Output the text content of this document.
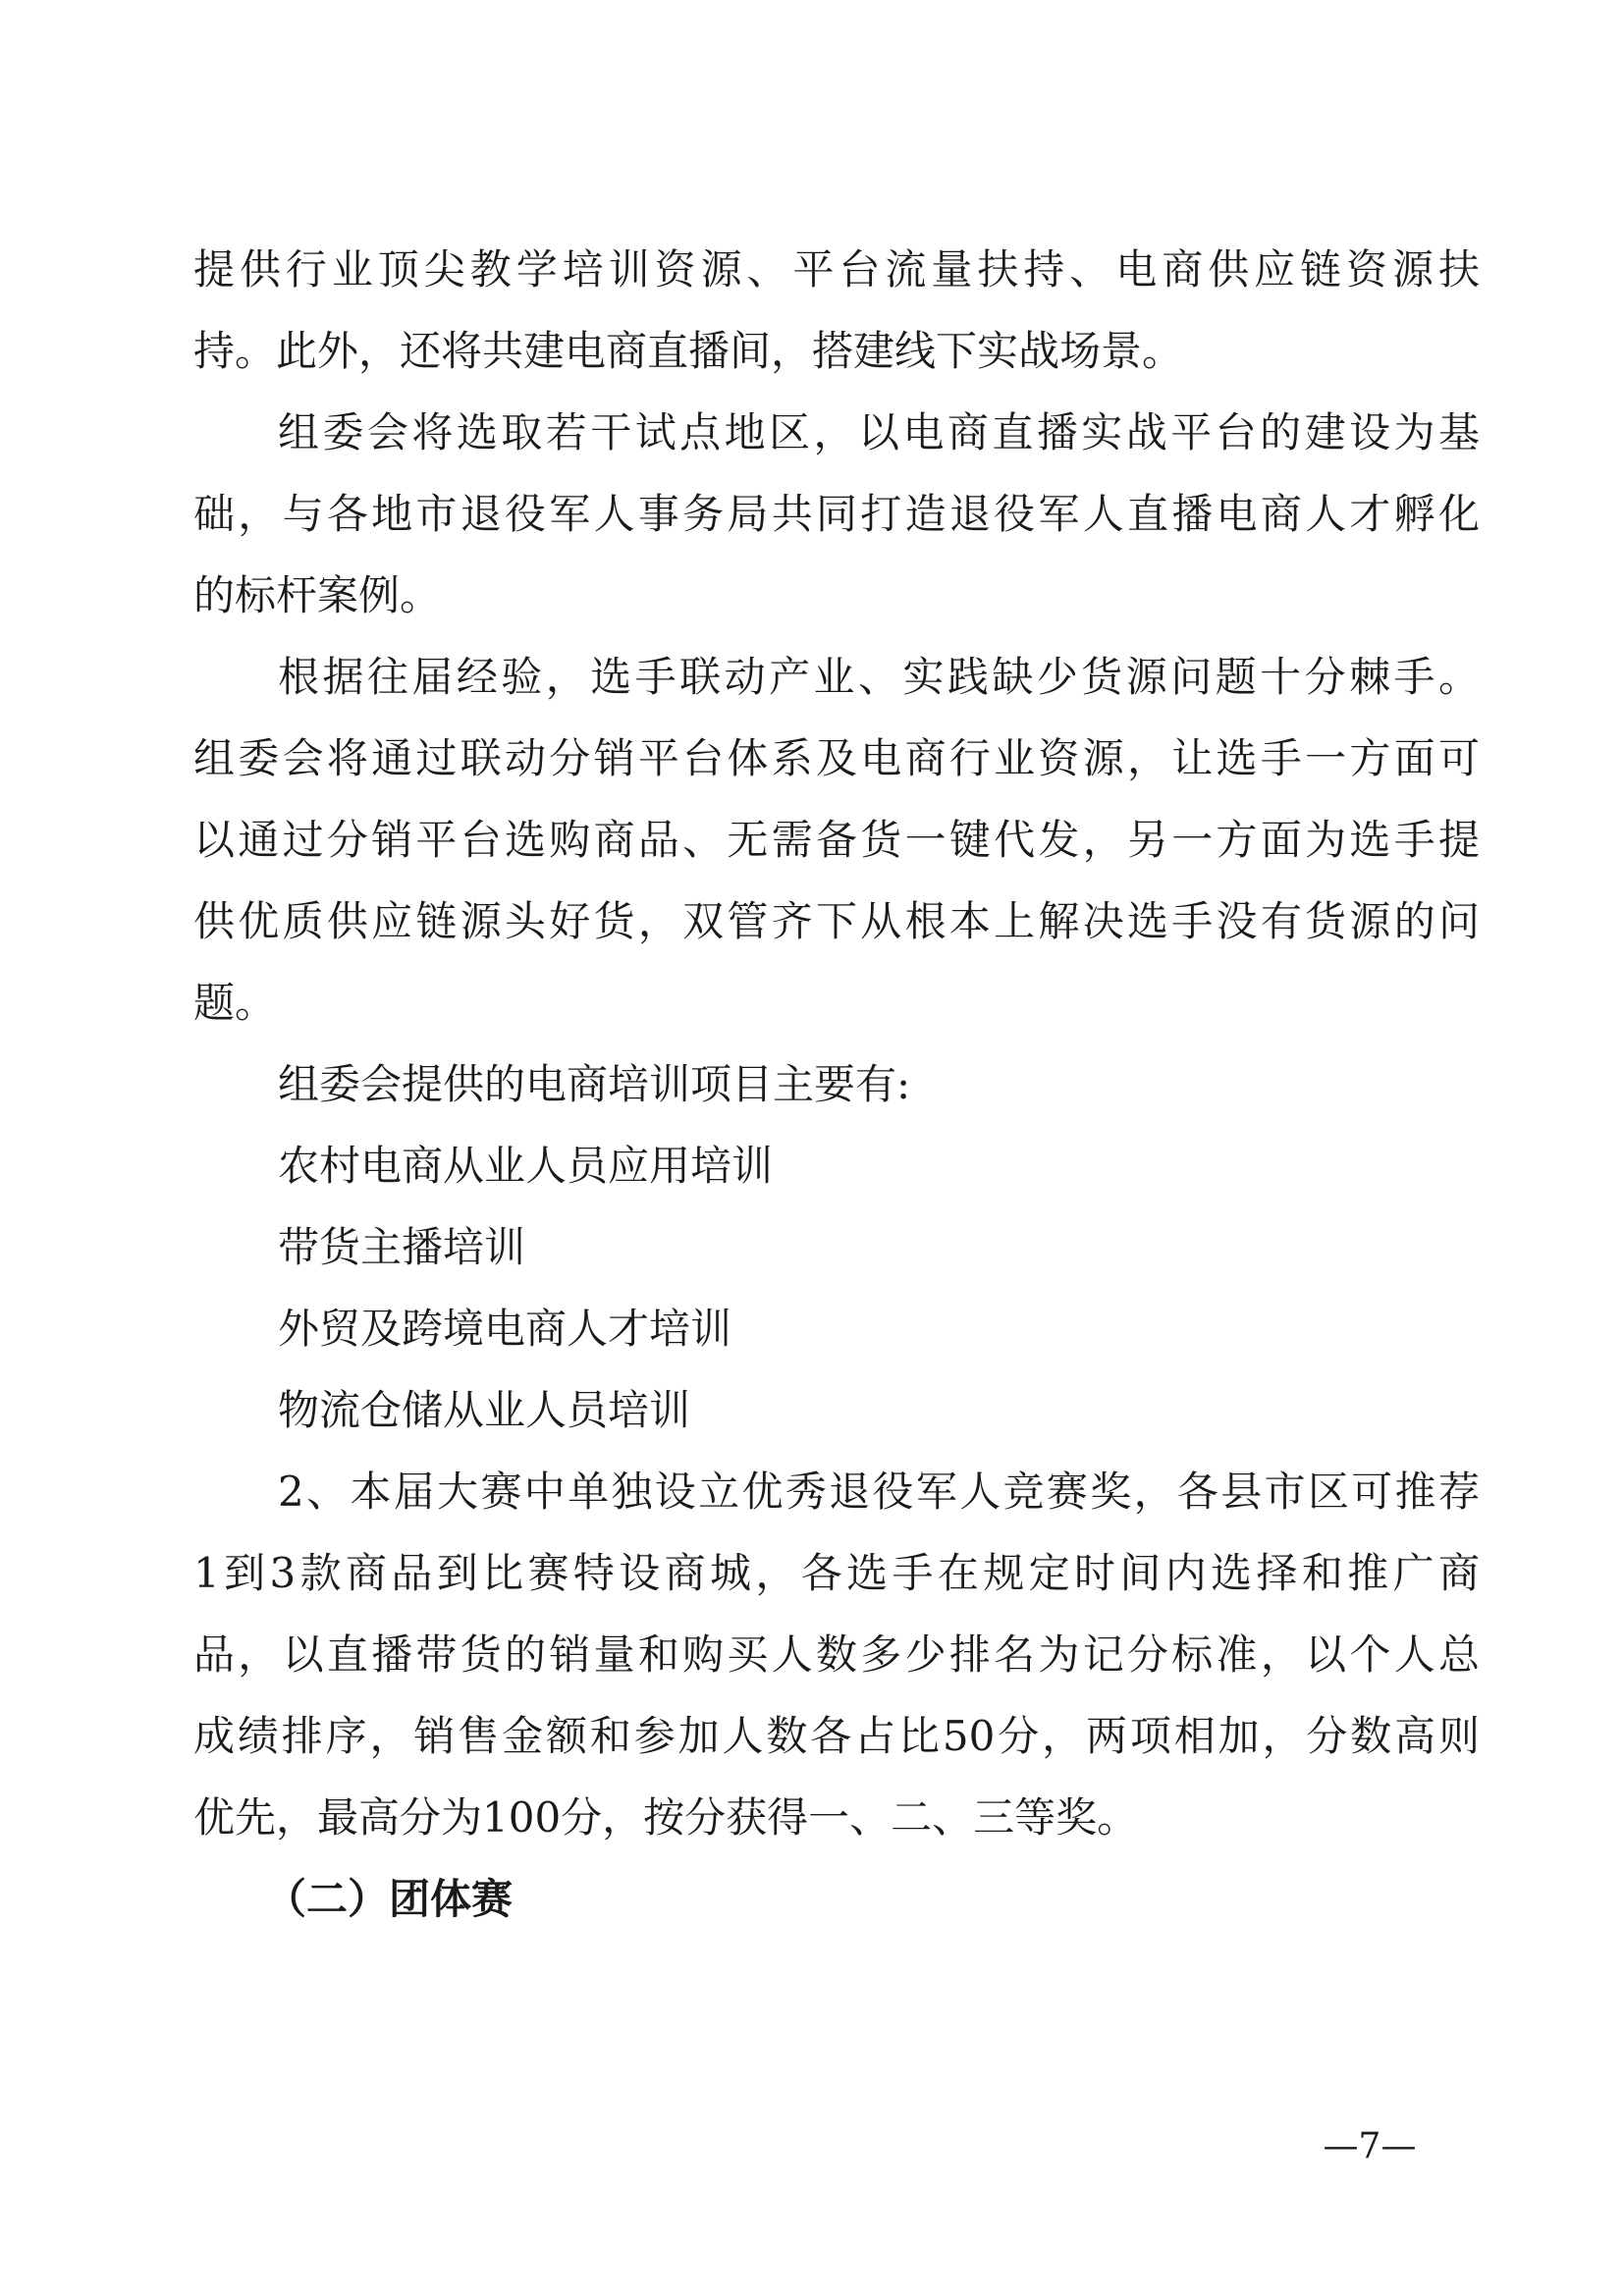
提供行业顶尖教学培训资源、平台流量扶持、电商供应链资源扶
持。此外，还将共建电商直播间，搭建线下实战场景。
组委会将选取若干试点地区，以电商直播实战平台的建设为基
础，与各地市退役军人事务局共同打造退役军人直播电商人才孵化
的标杆案例。
根据往届经验，选手联动产业、实践缺少货源问题十分棘手。
组委会将通过联动分销平台体系及电商行业资源，让选手一方面可
以通过分销平台选购商品、无需备货一键代发，另一方面为选手提
供优质供应链源头好货，双管齐下从根本上解决选手没有货源的问
题。
组委会提供的电商培训项目主要有:
农村电商从业人员应用培训
带货主播培训
外贸及跨境电商人才培训
物流仓储从业人员培训
2、本届大赛中单独设立优秀退役军人竞赛奖，各县市区可推荐
1到3款商品到比赛特设商城，各选手在规定时间内选择和推广商
品，以直播带货的销量和购买人数多少排名为记分标准，以个人总
成绩排序，销售金额和参加人数各占比50分，两项相加，分数高则
优先，最高分为100分，按分获得一、二、三等奖。
（二）团体赛
—7—
